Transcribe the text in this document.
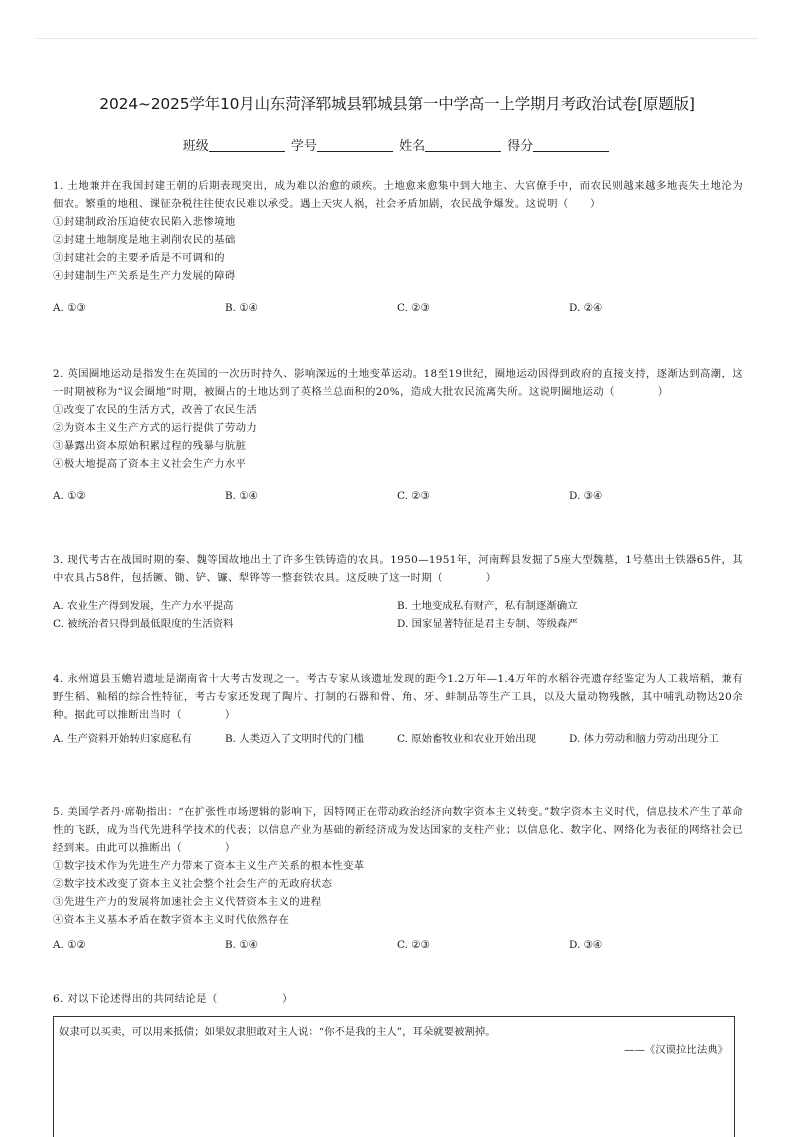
2024~2025学年10月山东菏泽郓城县郓城县第一中学高一上学期月考政治试卷[原题版]
班级	学号	姓名	得分
1. 土地兼并在我国封建王朝的后期表现突出，成为难以治愈的顽疾。土地愈来愈集中到大地主、大官僚手中，而农民则越来越多地丧失土地沦为佃农。繁重的地租、课征杂税往往使农民难以承受。遇上天灾人祸，社会矛盾加剧，农民战争爆发。这说明（　　）
①封建制政治压迫使农民陷入悲惨境地
②封建土地制度是地主剥削农民的基础
③封建社会的主要矛盾是不可调和的
④封建制生产关系是生产力发展的障碍
A. ①③	B. ①④	C. ②③	D. ②④
2. 英国圈地运动是指发生在英国的一次历时持久、影响深远的土地变革运动。18至19世纪，圈地运动因得到政府的直接支持，逐渐达到高潮，这一时期被称为“议会圈地”时期，被圈占的土地达到了英格兰总面积的20%，造成大批农民流离失所。这说明圈地运动（　　　　）
①改变了农民的生活方式，改善了农民生活
②为资本主义生产方式的运行提供了劳动力
③暴露出资本原始积累过程的残暴与肮脏
④极大地提高了资本主义社会生产力水平
A. ①②	B. ①④	C. ②③	D. ③④
3. 现代考古在战国时期的秦、魏等国故地出土了许多生铁铸造的农具。1950—1951年，河南辉县发掘了5座大型魏墓，1号墓出土铁器65件，其中农具占58件，包括镢、锄、铲、镰、犁铧等一整套铁农具。这反映了这一时期（　　　　）
A. 农业生产得到发展，生产力水平提高	B. 土地变成私有财产，私有制逐渐确立
C. 被统治者只得到最低限度的生活资料	D. 国家显著特征是君主专制、等级森严
4. 永州道县玉蟾岩遗址是湖南省十大考古发现之一。考古专家从该遗址发现的距今1.2万年—1.4万年的水稻谷壳遗存经鉴定为人工栽培稻，兼有野生稻、籼稻的综合性特征，考古专家还发现了陶片、打制的石器和骨、角、牙、蚌制品等生产工具，以及大量动物残骸，其中哺乳动物达20余种。据此可以推断出当时（　　　　）
A. 生产资料开始转归家庭私有	B. 人类迈入了文明时代的门槛	C. 原始畜牧业和农业开始出现	D. 体力劳动和脑力劳动出现分工
5. 美国学者丹·席勒指出：“在扩张性市场逻辑的影响下，因特网正在带动政治经济向数字资本主义转变。”数字资本主义时代，信息技术产生了革命性的飞跃，成为当代先进科学技术的代表；以信息产业为基础的新经济成为发达国家的支柱产业；以信息化、数字化、网络化为表征的网络社会已经到来。由此可以推断出（　　　　）
①数字技术作为先进生产力带来了资本主义生产关系的根本性变革
②数字技术改变了资本主义社会整个社会生产的无政府状态
③先进生产力的发展将加速社会主义代替资本主义的进程
④资本主义基本矛盾在数字资本主义时代依然存在
A. ①②	B. ①④	C. ②③	D. ③④
6. 对以下论述得出的共同结论是（　　　　　　）
奴隶可以买卖，可以用来抵债；如果奴隶胆敢对主人说：“你不是我的主人”，耳朵就要被割掉。
——《汉谟拉比法典》
